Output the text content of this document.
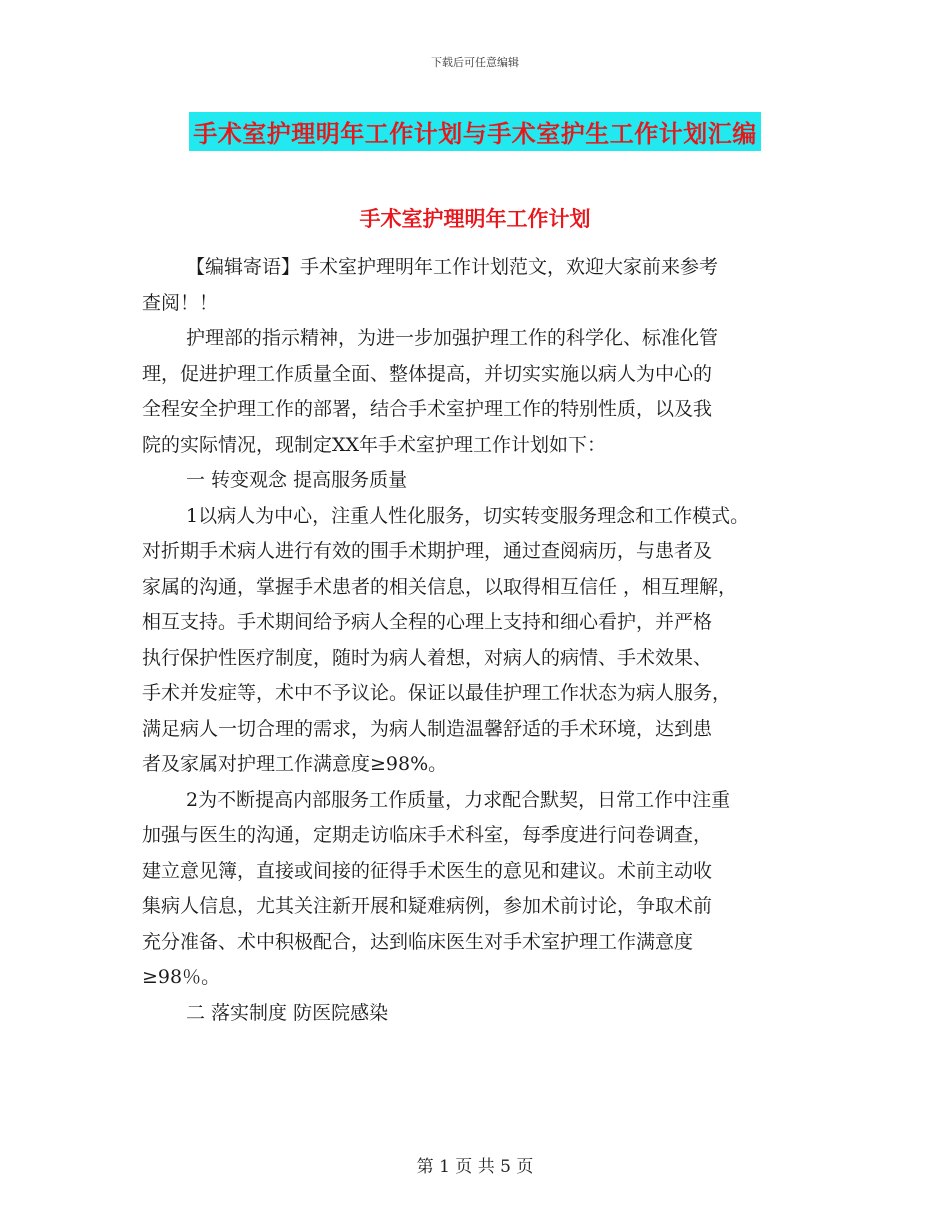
下载后可任意编辑
手术室护理明年工作计划与手术室护生工作计划汇编
手术室护理明年工作计划
【编辑寄语】手术室护理明年工作计划范文，欢迎大家前来参考
查阅！！
护理部的指示精神，为进一步加强护理工作的科学化、标准化管
理，促进护理工作质量全面、整体提高，并切实实施以病人为中心的
全程安全护理工作的部署，结合手术室护理工作的特别性质，以及我
院的实际情况，现制定XX年手术室护理工作计划如下：
一 转变观念 提高服务质量
1以病人为中心，注重人性化服务，切实转变服务理念和工作模式。
对折期手术病人进行有效的围手术期护理，通过查阅病历，与患者及
家属的沟通，掌握手术患者的相关信息，以取得相互信任 ，相互理解，
相互支持。手术期间给予病人全程的心理上支持和细心看护，并严格
执行保护性医疗制度，随时为病人着想，对病人的病情、手术效果、
手术并发症等，术中不予议论。保证以最佳护理工作状态为病人服务，
满足病人一切合理的需求，为病人制造温馨舒适的手术环境，达到患
者及家属对护理工作满意度≥98%。
2为不断提高内部服务工作质量，力求配合默契，日常工作中注重
加强与医生的沟通，定期走访临床手术科室，每季度进行问卷调查，
建立意见簿，直接或间接的征得手术医生的意见和建议。术前主动收
集病人信息，尤其关注新开展和疑难病例，参加术前讨论，争取术前
充分准备、术中积极配合，达到临床医生对手术室护理工作满意度
≥98％。
二 落实制度 防医院感染
第 1 页 共 5 页
